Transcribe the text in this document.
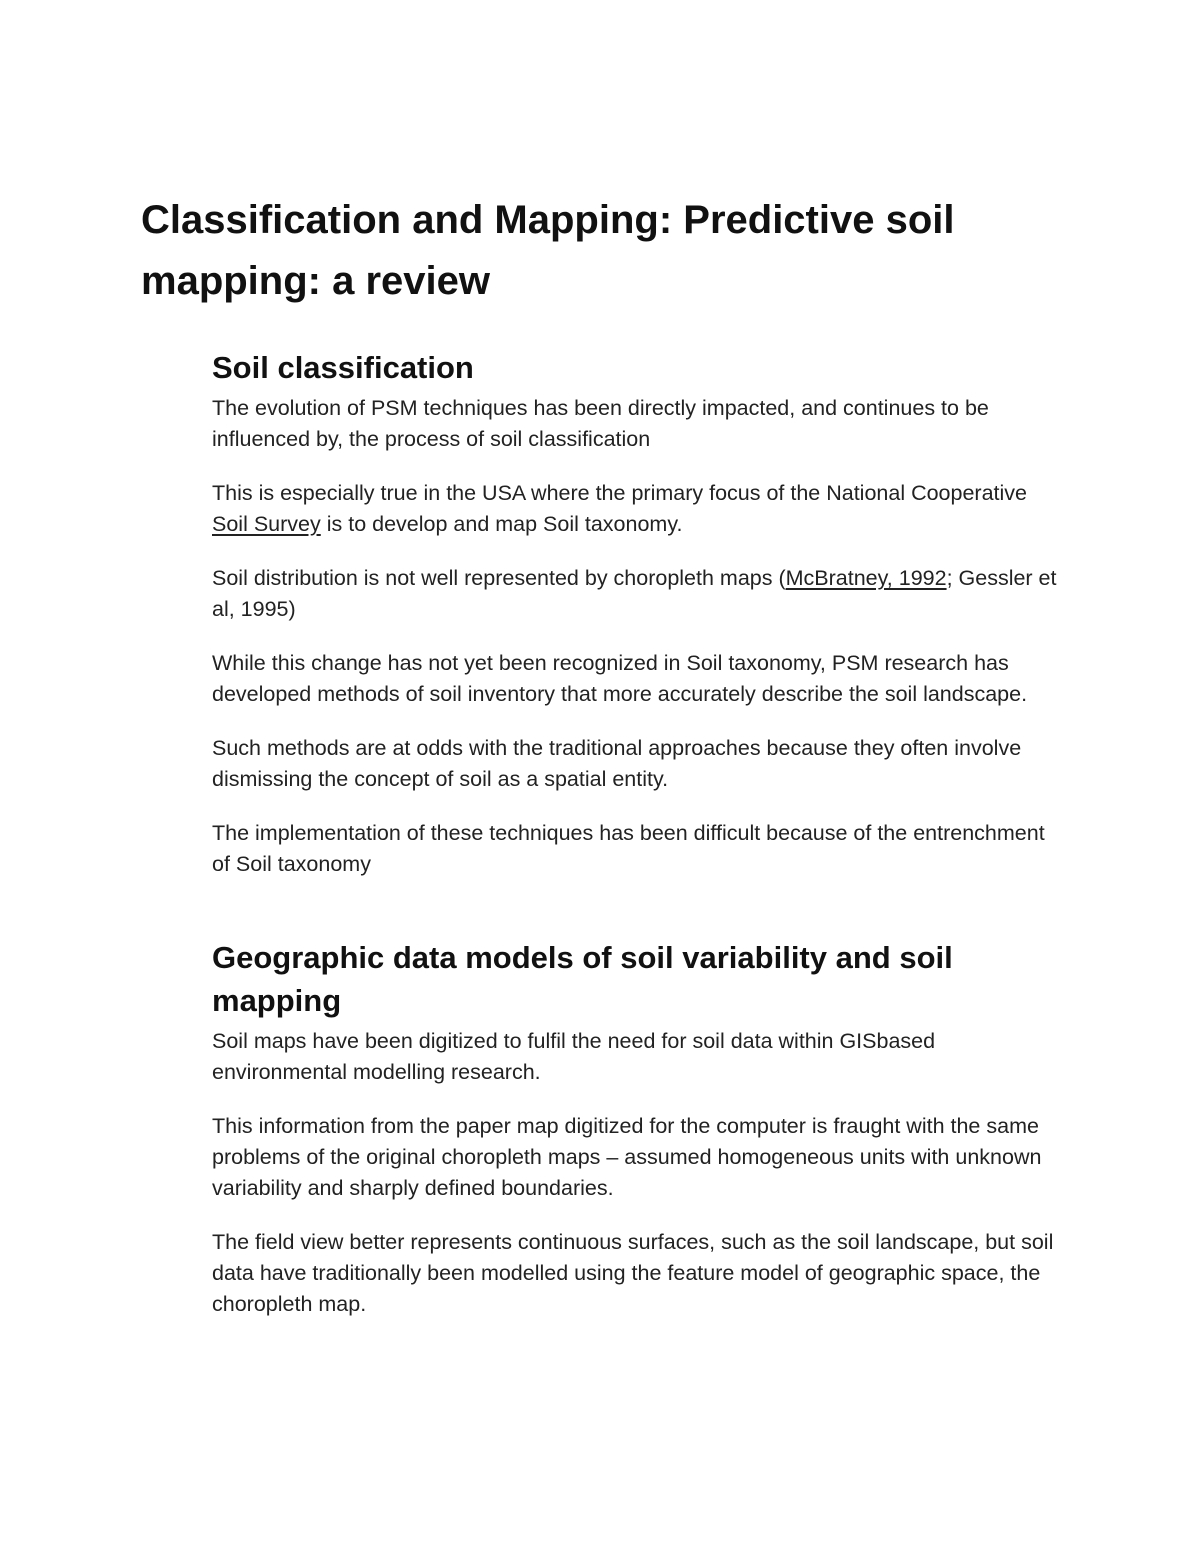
Classification and Mapping: Predictive soil mapping: a review
Soil classification

The evolution of PSM techniques has been directly impacted, and continues to be influenced by, the process of soil classification

This is especially true in the USA where the primary focus of the National Cooperative Soil Survey is to develop and map Soil taxonomy.

Soil distribution is not well represented by choropleth maps (McBratney, 1992; Gessler et al, 1995)

While this change has not yet been recognized in Soil taxonomy, PSM research has developed methods of soil inventory that more accurately describe the soil landscape.

Such methods are at odds with the traditional approaches because they often involve dismissing the concept of soil as a spatial entity.

The implementation of these techniques has been difficult because of the entrenchment of Soil taxonomy

Geographic data models of soil variability and soil mapping

Soil maps have been digitized to fulfil the need for soil data within GISbased environmental modelling research.

This information from the paper map digitized for the computer is fraught with the same problems of the original choropleth maps – assumed homogeneous units with unknown variability and sharply defined boundaries.

The field view better represents continuous surfaces, such as the soil landscape, but soil data have traditionally been modelled using the feature model of geographic space, the choropleth map.
